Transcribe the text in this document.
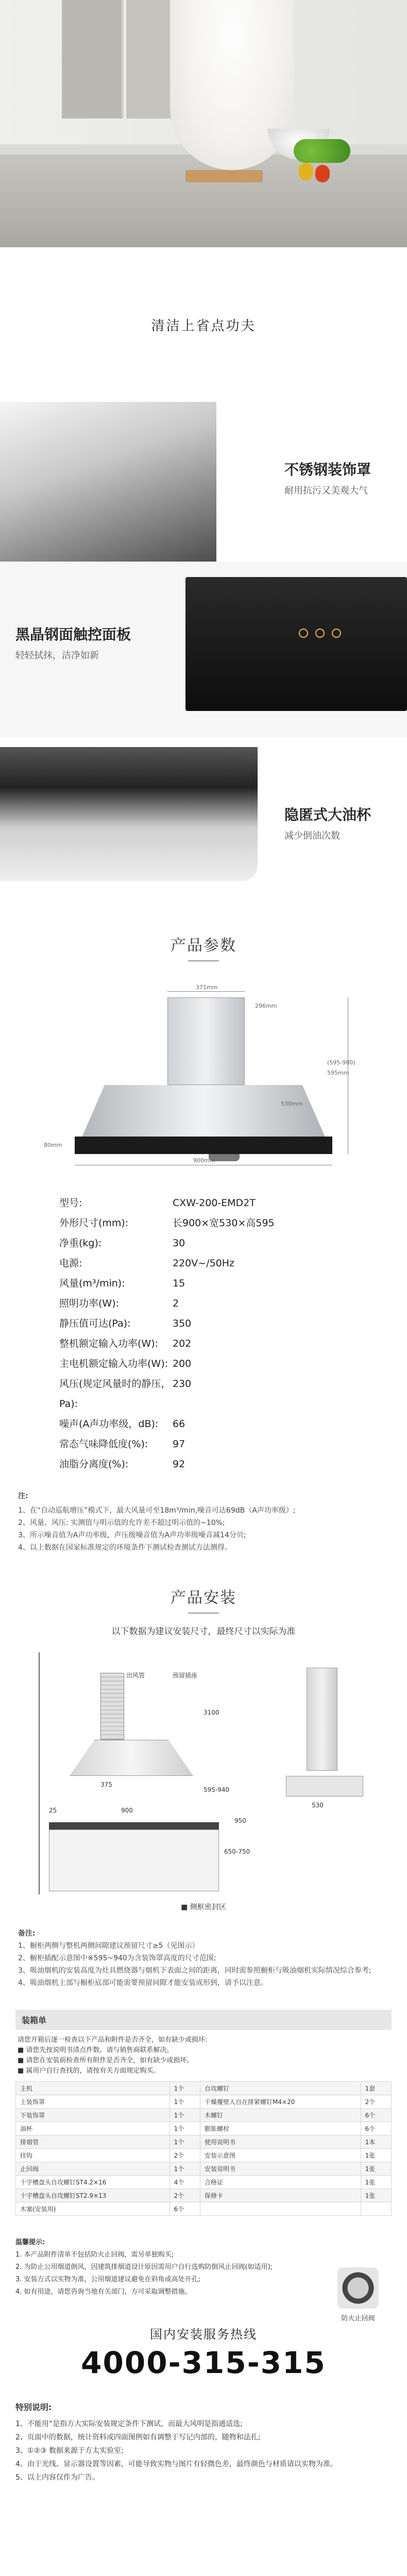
清洁上省点功夫
不锈钢装饰罩
耐用抗污又美观大气
黑晶钢面触控面板
轻轻拭抹，洁净如新
隐匿式大油杯
减少倒油次数
产品参数
371mm
296mm
900mm
530mm
(595-980)
595mm
80mm
型号:	CXW-200-EMD2T
外形尺寸(mm):	长900×宽530×高595
净重(kg):	30
电源:	220V~/50Hz
风量(m³/min):	15
照明功率(W):	2
静压值可达(Pa):	350
整机额定输入功率(W):	202
主电机额定输入功率(W): 200
风压(规定风量时的静压，Pa):
230
噪声(A声功率级，dB):	66
常态气味降低度(%):	97
油脂分离度(%):	92
注:
1、在“自动巡航增压”模式下，最大风量可至18m³/min,噪音可达69dB（A声功率级）;
2、风量、风压: 实测值与明示值的允许差不超过明示值的−10%;
3、所示噪音值为A声功率级，声压级噪音值为A声功率级噪音减14分贝;
4、以上数据在国家标准规定的环境条件下测试检查测试方法测得。
产品安装
以下数据为建议安装尺寸，最终尺寸以实际为准
出风管	预留插座
3100
375
900
595-940
650-750
25
950
530
■ 侧框密封区
备注:
1、橱柜两侧与整机两侧间隙建议预留尺寸≥5（见图示）
2、橱柜插配示意图中※595~940为含装饰罩高度的尺寸范围;
3、吸油烟机的安装高度为灶具燃烧器与烟机下表面之间的距离，同时需参照橱柜与吸油烟机实际情况综合参考;
4、吸油烟机上部与橱柜底部可能需要预留间隙才能安装成形到，请予以注意。
装箱单
请您开箱后逐一检查以下产品和附件是否齐全，如有缺少或损坏:
■ 请您先按说明书清点件数。请与销售商联系解决。
■ 请您在安装前检查所有附件是否齐全，如有缺少或损坏。
■ 属用户自行查找的，请按有关方面规定购买。
主机	1个	自攻螺钉	1套
上装饰罩	1个	干燥覆壁人自在排紧螺钉M4×20	2个
下装饰罩	1个	木螺钉	6个
油杯	1个	膨胀螺栓	6个
排烟管	1个	使用说明书	1本
挂钩	2个	安装示意图	1张
止回阀	1个	安装说明书	1张
十字槽盘头自攻螺钉ST4.2×16	4个	合格证	1张
十字槽盘头自攻螺钉ST2.9×13	2个	保修卡	1张
木塞(安装用)	6个		
温馨提示:
1. 本产品附件清单不包括防火止回阀，需另单独购买;
2. 为防止公用烟道倒风，因建筑排烟道设计原因需用户自行选购防倒风止回阀(如适用);
3. 安装方式以实物为准，公用烟道建议避免在斜角或高处开孔;
4. 如有用途，请您咨询当地有关部门，方可采取调整措施。
防火止回阀
国内安装服务热线
4000-315-315
特别说明:
1、不能用“是指方大实际安装规定条件下测试，而最大风明是指通适选;
2、页面中的数据，统计资料或四面图例如有调整于写记内部的，随物和法扎;
3、①②③ 数据来源于方太实验室;
4、由于光线、显示器设置等因素，可能导致实物与图片有轻微色差，最终颜色与材质请以实物为准。
5、以上内容仅作为广告。
